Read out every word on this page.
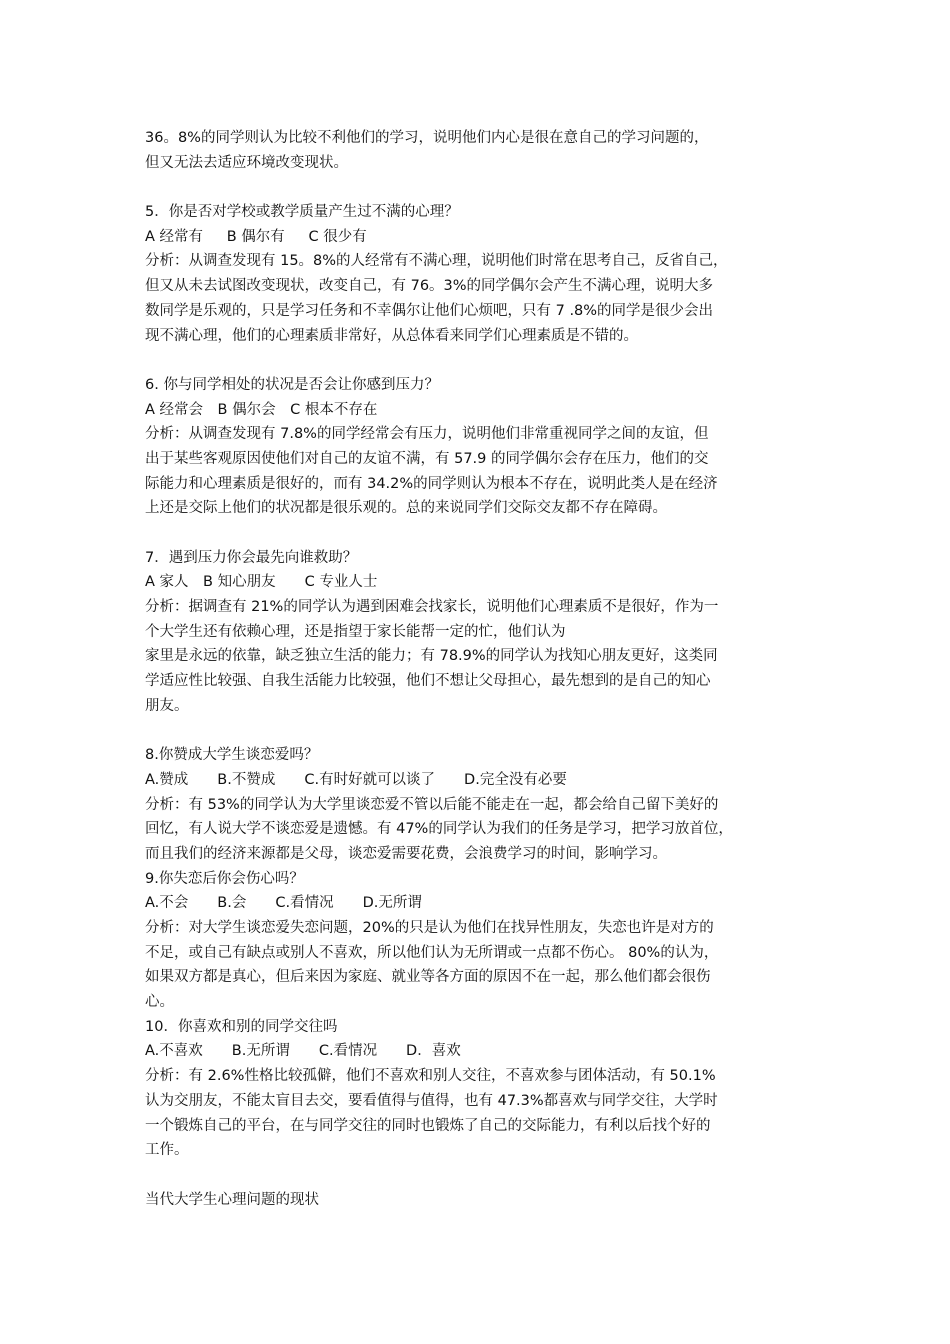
36。8%的同学则认为比较不利他们的学习，说明他们内心是很在意自己的学习问题的，
但又无法去适应环境改变现状。
5．你是否对学校或教学质量产生过不满的心理？
A 经常有　  B 偶尔有　  C 很少有
分析：从调查发现有 15。8%的人经常有不满心理，说明他们时常在思考自己，反省自己，
但又从未去试图改变现状，改变自己，有 76。3%的同学偶尔会产生不满心理，说明大多
数同学是乐观的，只是学习任务和不幸偶尔让他们心烦吧，只有 7 .8%的同学是很少会出
现不满心理，他们的心理素质非常好，从总体看来同学们心理素质是不错的。
6. 你与同学相处的状况是否会让你感到压力？
A 经常会　B 偶尔会　C 根本不存在
分析：从调查发现有 7.8%的同学经常会有压力，说明他们非常重视同学之间的友谊，但
出于某些客观原因使他们对自己的友谊不满，有 57.9 的同学偶尔会存在压力，他们的交
际能力和心理素质是很好的，而有 34.2%的同学则认为根本不存在，说明此类人是在经济
上还是交际上他们的状况都是很乐观的。总的来说同学们交际交友都不存在障碍。
7．遇到压力你会最先向谁救助？
A 家人　B 知心朋友　　C 专业人士
分析：据调查有 21%的同学认为遇到困难会找家长，说明他们心理素质不是很好，作为一
个大学生还有依赖心理，还是指望于家长能帮一定的忙，他们认为
家里是永远的依靠，缺乏独立生活的能力；有 78.9%的同学认为找知心朋友更好，这类同
学适应性比较强、自我生活能力比较强，他们不想让父母担心，最先想到的是自己的知心
朋友。
8.你赞成大学生谈恋爱吗？
A.赞成　　B.不赞成　　C.有时好就可以谈了　　D.完全没有必要
分析：有 53%的同学认为大学里谈恋爱不管以后能不能走在一起，都会给自己留下美好的
回忆，有人说大学不谈恋爱是遗憾。有 47%的同学认为我们的任务是学习，把学习放首位，
而且我们的经济来源都是父母，谈恋爱需要花费，会浪费学习的时间，影响学习。
9.你失恋后你会伤心吗？
A.不会　　B.会　　C.看情况　　D.无所谓
分析：对大学生谈恋爱失恋问题，20%的只是认为他们在找异性朋友，失恋也许是对方的
不足，或自己有缺点或别人不喜欢，所以他们认为无所谓或一点都不伤心。 80%的认为，
如果双方都是真心，但后来因为家庭、就业等各方面的原因不在一起，那么他们都会很伤
心。
10．你喜欢和别的同学交往吗
A.不喜欢　　B.无所谓　　C.看情况　　D．喜欢
分析：有 2.6%性格比较孤僻，他们不喜欢和别人交往，不喜欢参与团体活动，有 50.1%
认为交朋友，不能太盲目去交，要看值得与值得，也有 47.3%都喜欢与同学交往，大学时
一个锻炼自己的平台，在与同学交往的同时也锻炼了自己的交际能力，有利以后找个好的
工作。
当代大学生心理问题的现状
